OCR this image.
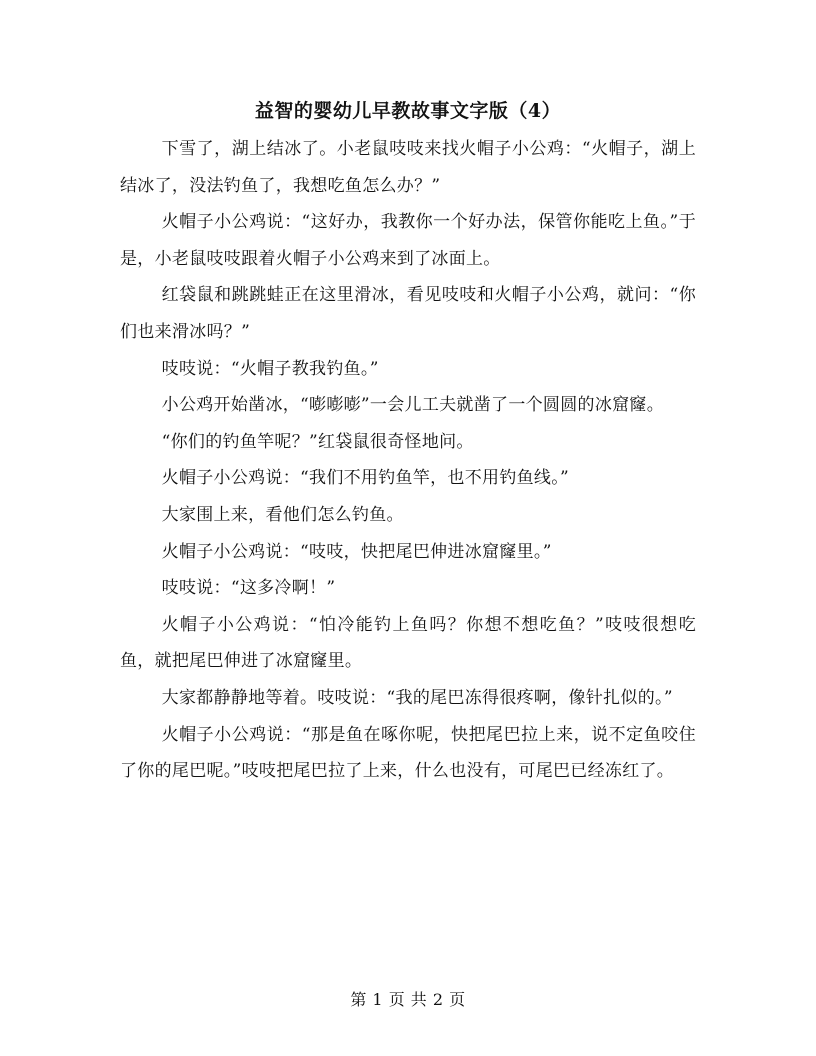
益智的婴幼儿早教故事文字版（4）

下雪了，湖上结冰了。小老鼠吱吱来找火帽子小公鸡：“火帽子，湖上结冰了，没法钓鱼了，我想吃鱼怎么办？”

火帽子小公鸡说：“这好办，我教你一个好办法，保管你能吃上鱼。”于是，小老鼠吱吱跟着火帽子小公鸡来到了冰面上。

红袋鼠和跳跳蛙正在这里滑冰，看见吱吱和火帽子小公鸡，就问：“你们也来滑冰吗？”

吱吱说：“火帽子教我钓鱼。”

小公鸡开始凿冰，“嘭嘭嘭”一会儿工夫就凿了一个圆圆的冰窟窿。

“你们的钓鱼竿呢？”红袋鼠很奇怪地问。

火帽子小公鸡说：“我们不用钓鱼竿，也不用钓鱼线。”

大家围上来，看他们怎么钓鱼。

火帽子小公鸡说：“吱吱，快把尾巴伸进冰窟窿里。”

吱吱说：“这多冷啊！”

火帽子小公鸡说：“怕冷能钓上鱼吗？你想不想吃鱼？”吱吱很想吃鱼，就把尾巴伸进了冰窟窿里。

大家都静静地等着。吱吱说：“我的尾巴冻得很疼啊，像针扎似的。”

火帽子小公鸡说：“那是鱼在啄你呢，快把尾巴拉上来，说不定鱼咬住了你的尾巴呢。”吱吱把尾巴拉了上来，什么也没有，可尾巴已经冻红了。

第 1 页 共 2 页
